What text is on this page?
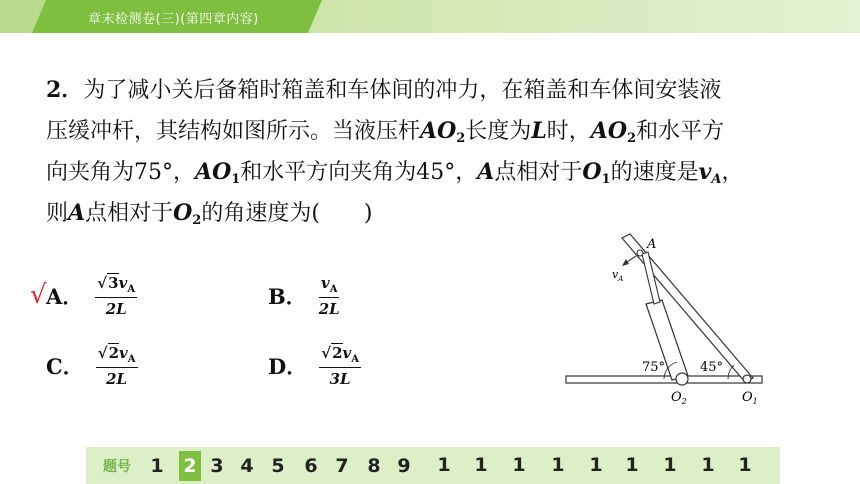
章末检测卷(三)(第四章内容)
2．为了减小关后备箱时箱盖和车体间的冲力，在箱盖和车体间安装液
压缓冲杆，其结构如图所示。当液压杆$AO_2$长度为L时，$AO_2$和水平方
向夹角为75°，$AO_1$和水平方向夹角为45°，A点相对于$O_1$的速度是$v_A$，
则A点相对于$O_2$的角速度为(　　)
√ A． $\frac{√3v_A}{2L}$	B． $\frac{v_A}{2L}$
C． $\frac{√2v_A}{2L}$	D． $\frac{√2v_A}{3L}$
A
$v_A$
75°	45°
$O_2$	$O_1$
题号 1 2 3 4 5 6 7 8 9 1 1 1 1 1 1 1 1 1
